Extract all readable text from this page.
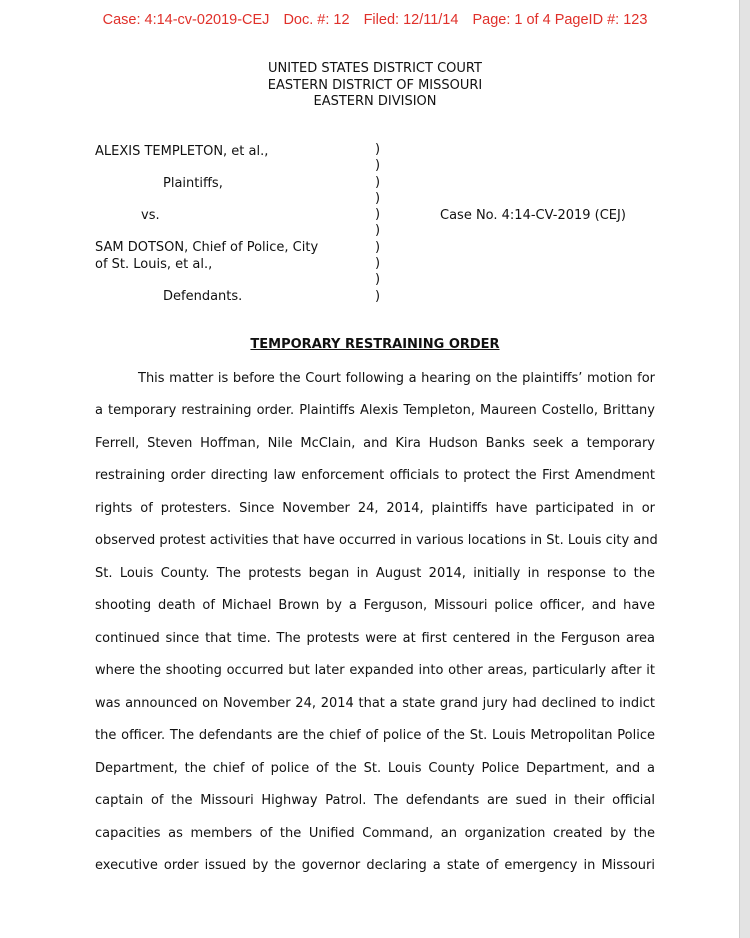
Case: 4:14-cv-02019-CEJ Doc. #: 12 Filed: 12/11/14 Page: 1 of 4 PageID #: 123
UNITED STATES DISTRICT COURT
EASTERN DISTRICT OF MISSOURI
EASTERN DIVISION
ALEXIS TEMPLETON, et al.,
Plaintiffs,
vs.
SAM DOTSON, Chief of Police, City
of St. Louis, et al.,
Defendants.
Case No. 4:14-CV-2019 (CEJ)
)
)
)
)
)
)
)
)
)
)
TEMPORARY RESTRAINING ORDER
This matter is before the Court following a hearing on the plaintiffs’ motion for
a temporary restraining order. Plaintiffs Alexis Templeton, Maureen Costello, Brittany
Ferrell, Steven Hoffman, Nile McClain, and Kira Hudson Banks seek a temporary
restraining order directing law enforcement officials to protect the First Amendment
rights of protesters. Since November 24, 2014, plaintiffs have participated in or
observed protest activities that have occurred in various locations in St. Louis city and
St. Louis County. The protests began in August 2014, initially in response to the
shooting death of Michael Brown by a Ferguson, Missouri police officer, and have
continued since that time. The protests were at first centered in the Ferguson area
where the shooting occurred but later expanded into other areas, particularly after it
was announced on November 24, 2014 that a state grand jury had declined to indict
the officer. The defendants are the chief of police of the St. Louis Metropolitan Police
Department, the chief of police of the St. Louis County Police Department, and a
captain of the Missouri Highway Patrol. The defendants are sued in their official
capacities as members of the Unified Command, an organization created by the
executive order issued by the governor declaring a state of emergency in Missouri
